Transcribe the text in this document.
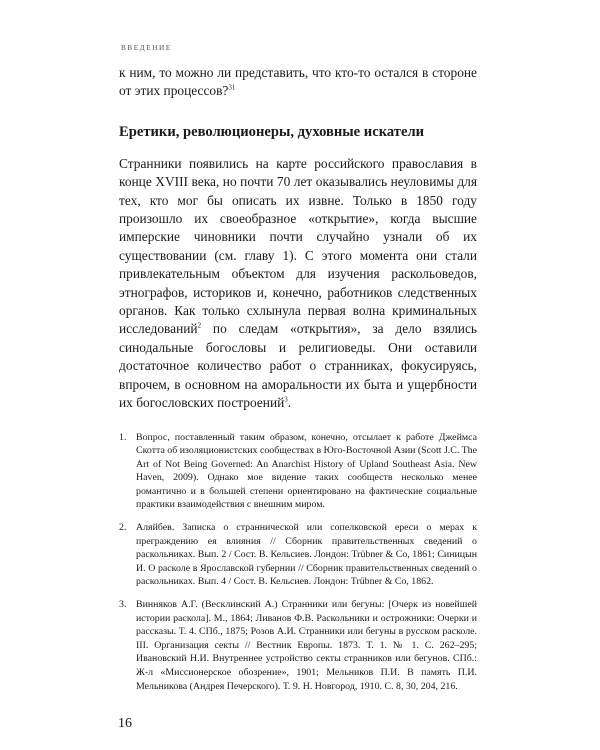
ВВЕДЕНИЕ

к ним, то можно ли представить, что кто-то остался в стороне от этих процессов?$^{31}$

Еретики, революционеры, духовные искатели

Странники появились на карте российского православия в конце XVIII века, но почти 70 лет оказывались неуловимы для тех, кто мог бы описать их извне. Только в 1850 году произошло их своеобразное «открытие», когда высшие имперские чиновники почти случайно узнали об их существовании (см. главу 1). С этого момента они стали привлекательным объектом для изучения раскольоведов, этнографов, историков и, конечно, работников следственных органов. Как только схлынула первая волна криминальных исследований$^2$ по следам «открытия», за дело взялись синодальные богословы и религиоведы. Они оставили достаточное количество работ о странниках, фокусируясь, впрочем, в основном на аморальности их быта и ущербности их богословских построений$^3$.

1. Вопрос, поставленный таким образом, конечно, отсылает к работе Джеймса Скотта об изоляционистских сообществах в Юго-Восточной Азии (Scott J.C. The Art of Not Being Governed: An Anarchist History of Upland Southeast Asia. New Haven, 2009). Однако мое видение таких сообществ несколько менее романтично и в большей степени ориентировано на фактические социальные практики взаимодействия с внешним миром.
2. Аляйбев. Записка о страннической или сопелковской ереси о мерах к преграждению ея влияния // Сборник правительственных сведений о раскольниках. Вып. 2 / Сост. В. Кельсиев. Лондон: Trübner & Co, 1861; Синицын И. О расколе в Ярославской губернии // Сборник правительственных сведений о раскольниках. Вып. 4 / Сост. В. Кельсиев. Лондон: Trübner & Co, 1862.
3. Винняков А.Г. (Весклинский А.) Странники или бегуны: [Очерк из новейшей истории раскола]. М., 1864; Ливанов Ф.В. Раскольники и острожники: Очерки и рассказы. Т. 4. СПб., 1875; Розов А.И. Странники или бегуны в русском расколе. III. Организация секты // Вестник Европы. 1873. Т. 1. № 1. С. 262–295; Ивановский Н.И. Внутреннее устройство секты странников или бегунов. СПб.: Ж-л «Миссионерское обозрение», 1901; Мельников П.И. В память П.И. Мельникова (Андрея Печерского). Т. 9. Н. Новгород, 1910. С. 8, 30, 204, 216.
16
